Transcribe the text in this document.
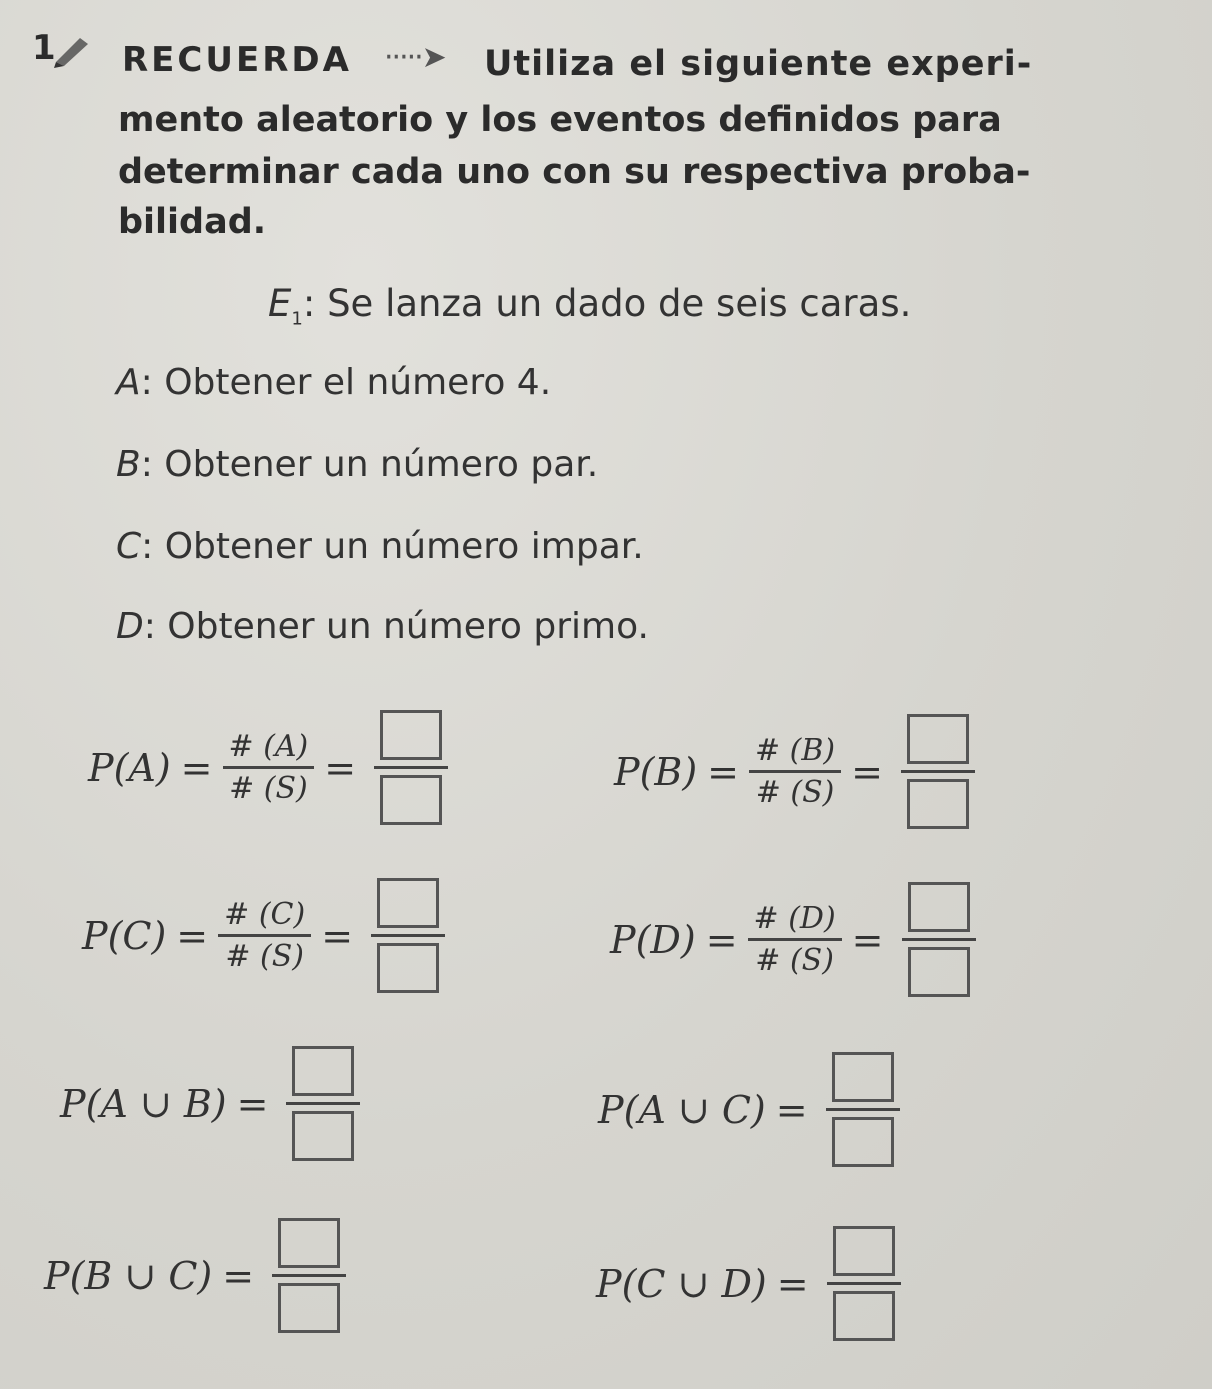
1 RECUERDA ·····➤ Utiliza el siguiente experi-
mento aleatorio y los eventos definidos para
determinar cada uno con su respectiva proba-
bilidad.
$E_1$: Se lanza un dado de seis caras.
A: Obtener el número 4.
B: Obtener un número par.
C: Obtener un número impar.
D: Obtener un número primo.
$P(A) = \frac{\# (A)}{\# (S)}$ =	$P(B) = \frac{\# (B)}{\# (S)}$ =
$P(C) = \frac{\# (C)}{\# (S)}$ =	$P(D) = \frac{\# (D)}{\# (S)}$ =
P(A ∪ B) =	P(A ∪ C) =
P(B ∪ C) =	P(C ∪ D) =
